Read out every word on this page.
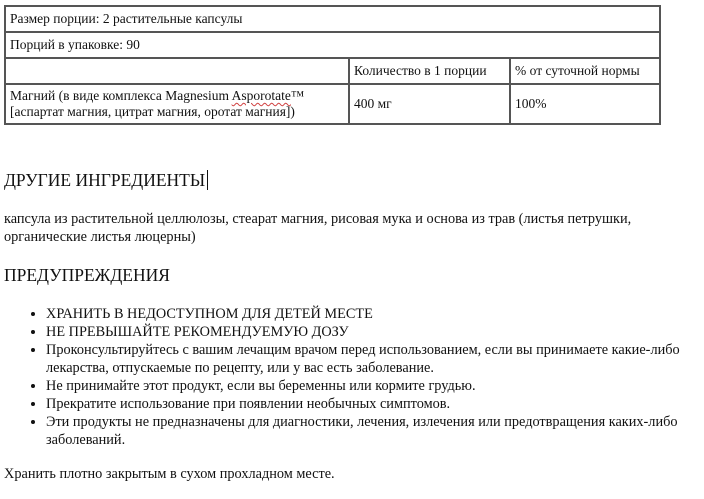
Размер порции: 2 растительные капсулы		
Порций в упаковке: 90		
	Количество в 1 порции	% от суточной нормы
Магний (в виде комплекса Magnesium Asporotate™
[аспартат магния, цитрат магния, оротат магния])	400 мг	100%
ДРУГИЕ ИНГРЕДИЕНТЫ

капсула из растительной целлюлозы, стеарат магния, рисовая мука и основа из трав (листья петрушки, органические листья люцерны)

ПРЕДУПРЕЖДЕНИЯ
• ХРАНИТЬ В НЕДОСТУПНОМ ДЛЯ ДЕТЕЙ МЕСТЕ
• НЕ ПРЕВЫШАЙТЕ РЕКОМЕНДУЕМУЮ ДОЗУ
• Проконсультируйтесь с вашим лечащим врачом перед использованием, если вы принимаете какие-либо лекарства, отпускаемые по рецепту, или у вас есть заболевание.
• Не принимайте этот продукт, если вы беременны или кормите грудью.
• Прекратите использование при появлении необычных симптомов.
• Эти продукты не предназначены для диагностики, лечения, излечения или предотвращения каких-либо заболеваний.

Хранить плотно закрытым в сухом прохладном месте.
